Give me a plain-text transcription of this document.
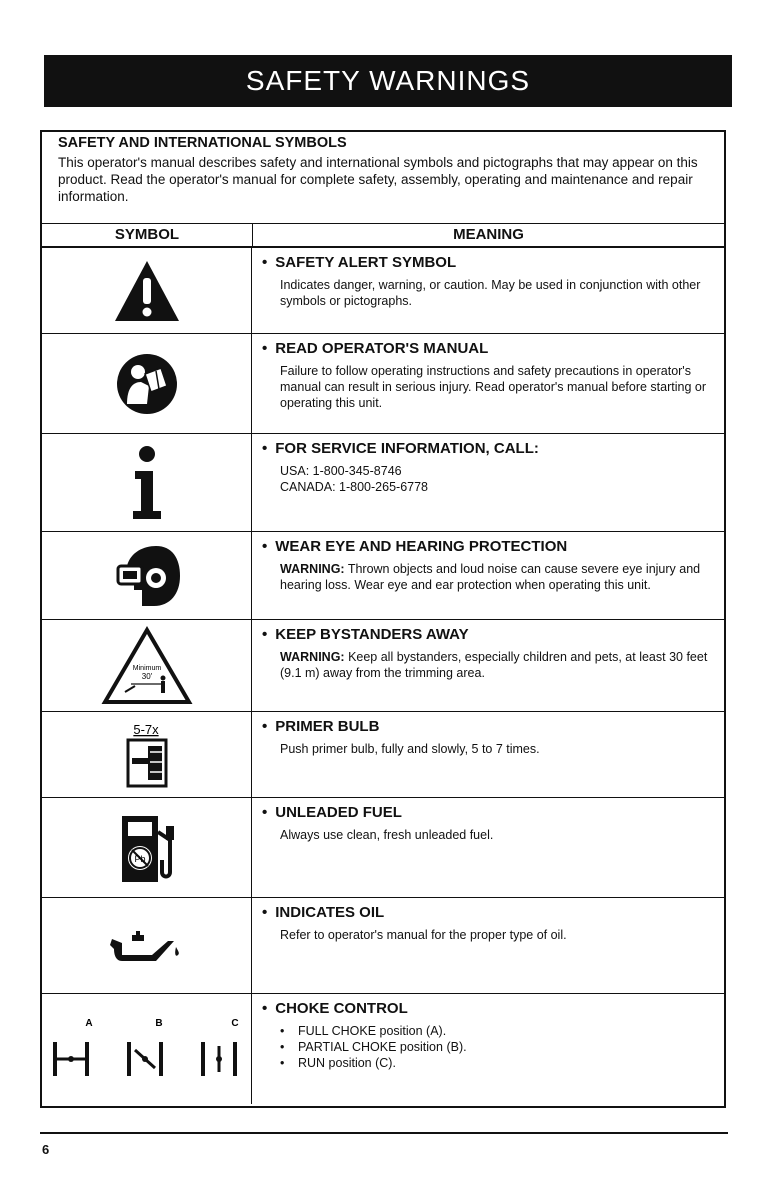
SAFETY WARNINGS
SAFETY AND INTERNATIONAL SYMBOLS
This operator's manual describes safety and international symbols and pictographs that may appear on this product. Read the operator's manual for complete safety, assembly, operating and maintenance and repair information.
SYMBOL	MEANING
• SAFETY ALERT SYMBOL
Indicates danger, warning, or caution. May be used in conjunction with other symbols or pictographs.
• READ OPERATOR'S MANUAL
Failure to follow operating instructions and safety precautions in operator's manual can result in serious injury. Read operator's manual before starting or operating this unit.
• FOR SERVICE INFORMATION, CALL:
USA: 1-800-345-8746
CANADA: 1-800-265-6778
• WEAR EYE AND HEARING PROTECTION
WARNING: Thrown objects and loud noise can cause severe eye injury and hearing loss. Wear eye and ear protection when operating this unit.
Minimum
30'
• KEEP BYSTANDERS AWAY
WARNING: Keep all bystanders, especially children and pets, at least 30 feet (9.1 m) away from the trimming area.
5-7x	• PRIMER BULB
Push primer bulb, fully and slowly, 5 to 7 times.
Pb
• UNLEADED FUEL
Always use clean, fresh unleaded fuel.
• INDICATES OIL
Refer to operator's manual for the proper type of oil.
A	B	C
• CHOKE CONTROL
• FULL CHOKE position (A).
• PARTIAL CHOKE position (B).
• RUN position (C).
6
